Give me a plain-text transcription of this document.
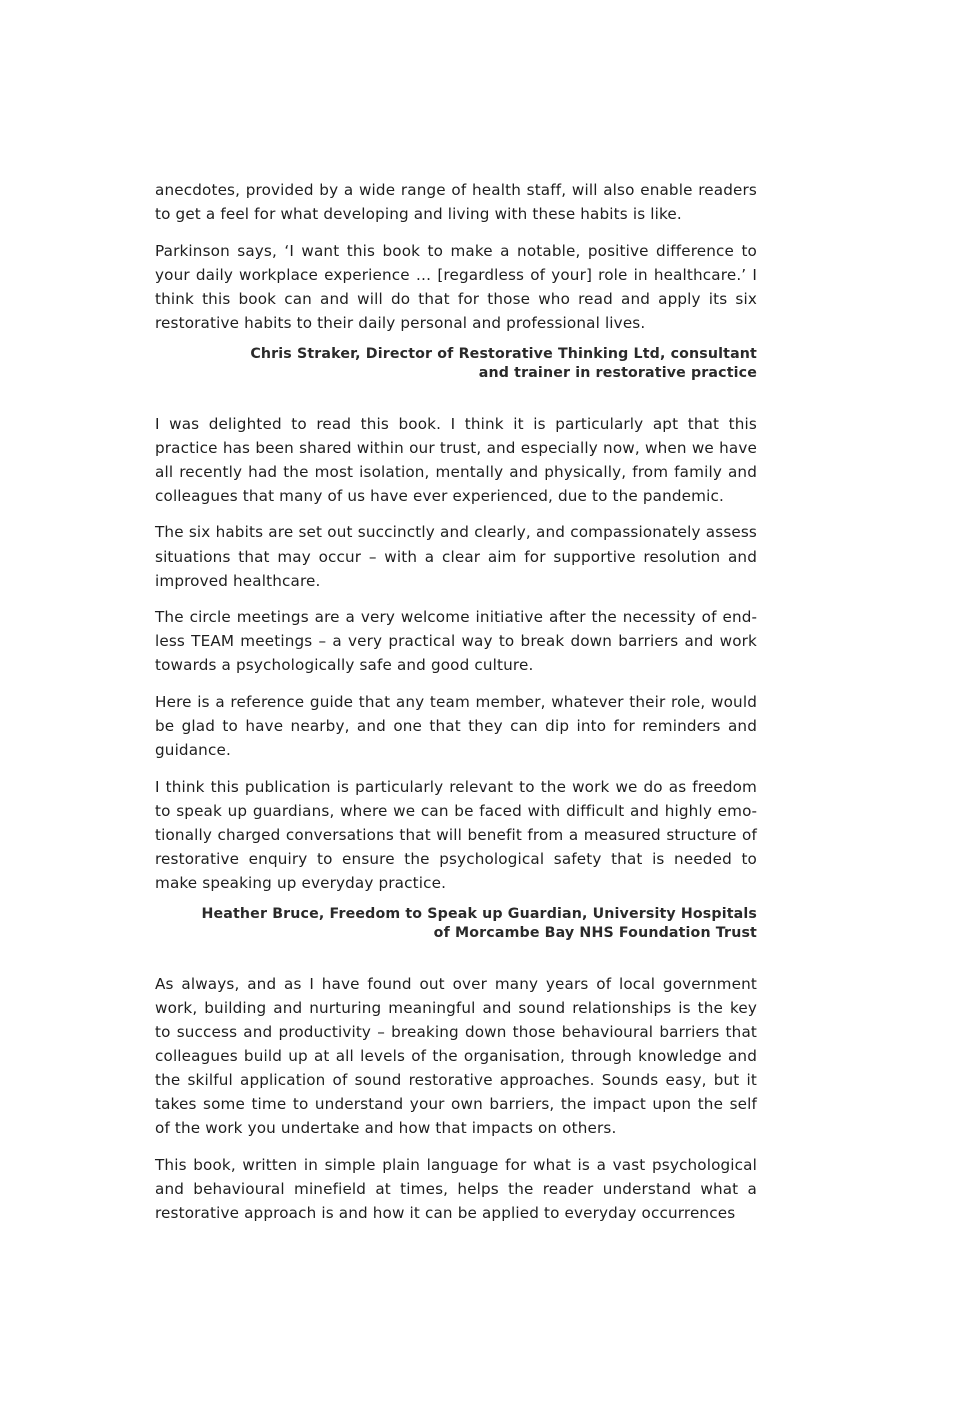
anecdotes, provided by a wide range of health staff, will also enable readers to get a feel for what developing and living with these habits is like.

Parkinson says, ‘I want this book to make a notable, positive difference to your daily workplace experience … [regardless of your] role in healthcare.’ I think this book can and will do that for those who read and apply its six restorative habits to their daily personal and professional lives.

Chris Straker, Director of Restorative Thinking Ltd, consultant
and trainer in restorative practice

I was delighted to read this book. I think it is particularly apt that this practice has been shared within our trust, and especially now, when we have all recently had the most isolation, mentally and physically, from family and colleagues that many of us have ever experienced, due to the pandemic.

The six habits are set out succinctly and clearly, and compassionately assess situations that may occur – with a clear aim for supportive resolution and improved healthcare.

The circle meetings are a very welcome initiative after the necessity of endless TEAM meetings – a very practical way to break down barriers and work towards a psychologically safe and good culture.

Here is a reference guide that any team member, whatever their role, would be glad to have nearby, and one that they can dip into for reminders and guidance.

I think this publication is particularly relevant to the work we do as freedom to speak up guardians, where we can be faced with difficult and highly emotionally charged conversations that will benefit from a measured structure of restorative enquiry to ensure the psychological safety that is needed to make speaking up everyday practice.

Heather Bruce, Freedom to Speak up Guardian, University Hospitals
of Morcambe Bay NHS Foundation Trust

As always, and as I have found out over many years of local government work, building and nurturing meaningful and sound relationships is the key to success and productivity – breaking down those behavioural barriers that colleagues build up at all levels of the organisation, through knowledge and the skilful application of sound restorative approaches. Sounds easy, but it takes some time to understand your own barriers, the impact upon the self of the work you undertake and how that impacts on others.

This book, written in simple plain language for what is a vast psychological and behavioural minefield at times, helps the reader understand what a restorative approach is and how it can be applied to everyday occurrences
